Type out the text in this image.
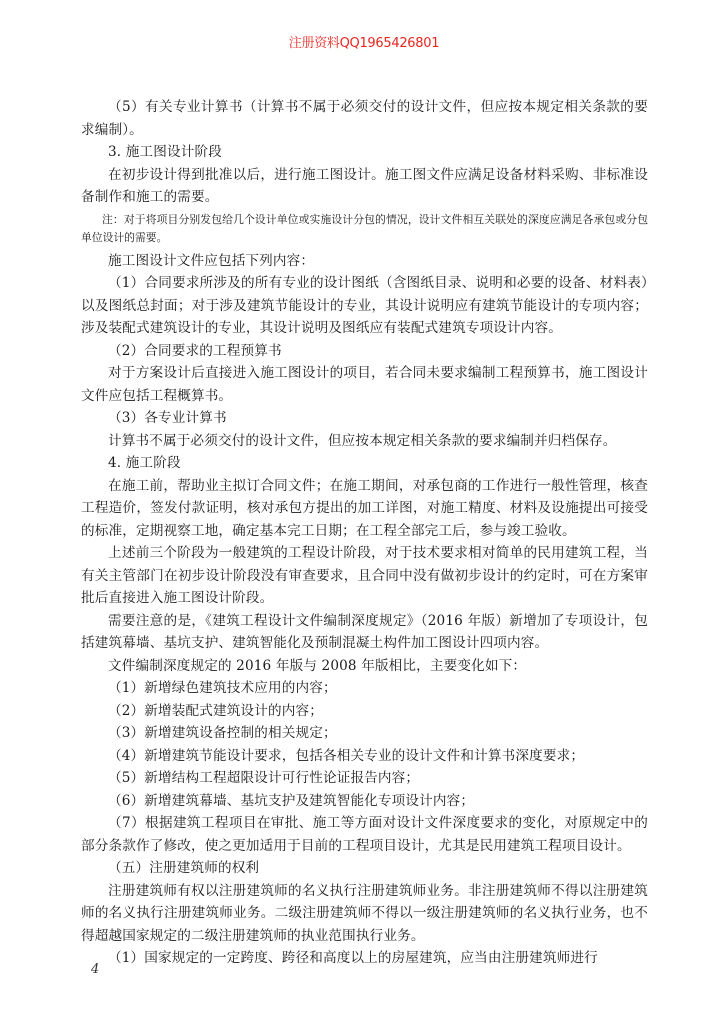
注册资料QQ1965426801

（5）有关专业计算书（计算书不属于必须交付的设计文件，但应按本规定相关条款的要求编制）。

3. 施工图设计阶段

在初步设计得到批准以后，进行施工图设计。施工图文件应满足设备材料采购、非标准设备制作和施工的需要。

注：对于将项目分别发包给几个设计单位或实施设计分包的情况，设计文件相互关联处的深度应满足各承包或分包单位设计的需要。

施工图设计文件应包括下列内容：

（1）合同要求所涉及的所有专业的设计图纸（含图纸目录、说明和必要的设备、材料表）以及图纸总封面；对于涉及建筑节能设计的专业，其设计说明应有建筑节能设计的专项内容；涉及装配式建筑设计的专业，其设计说明及图纸应有装配式建筑专项设计内容。

（2）合同要求的工程预算书

对于方案设计后直接进入施工图设计的项目，若合同未要求编制工程预算书，施工图设计文件应包括工程概算书。

（3）各专业计算书

计算书不属于必须交付的设计文件，但应按本规定相关条款的要求编制并归档保存。

4. 施工阶段

在施工前，帮助业主拟订合同文件；在施工期间，对承包商的工作进行一般性管理，核查工程造价，签发付款证明，核对承包方提出的加工详图，对施工精度、材料及设施提出可接受的标准，定期视察工地，确定基本完工日期；在工程全部完工后，参与竣工验收。

上述前三个阶段为一般建筑的工程设计阶段，对于技术要求相对简单的民用建筑工程，当有关主管部门在初步设计阶段没有审查要求，且合同中没有做初步设计的约定时，可在方案审批后直接进入施工图设计阶段。

需要注意的是，《建筑工程设计文件编制深度规定》（2016 年版）新增加了专项设计，包括建筑幕墙、基坑支护、建筑智能化及预制混凝土构件加工图设计四项内容。

文件编制深度规定的 2016 年版与 2008 年版相比，主要变化如下：

（1）新增绿色建筑技术应用的内容；

（2）新增装配式建筑设计的内容；

（3）新增建筑设备控制的相关规定；

（4）新增建筑节能设计要求，包括各相关专业的设计文件和计算书深度要求；

（5）新增结构工程超限设计可行性论证报告内容；

（6）新增建筑幕墙、基坑支护及建筑智能化专项设计内容；

（7）根据建筑工程项目在审批、施工等方面对设计文件深度要求的变化，对原规定中的部分条款作了修改，使之更加适用于目前的工程项目设计，尤其是民用建筑工程项目设计。

（五）注册建筑师的权利

注册建筑师有权以注册建筑师的名义执行注册建筑师业务。非注册建筑师不得以注册建筑师的名义执行注册建筑师业务。二级注册建筑师不得以一级注册建筑师的名义执行业务，也不得超越国家规定的二级注册建筑师的执业范围执行业务。

（1）国家规定的一定跨度、跨径和高度以上的房屋建筑，应当由注册建筑师进行

4
